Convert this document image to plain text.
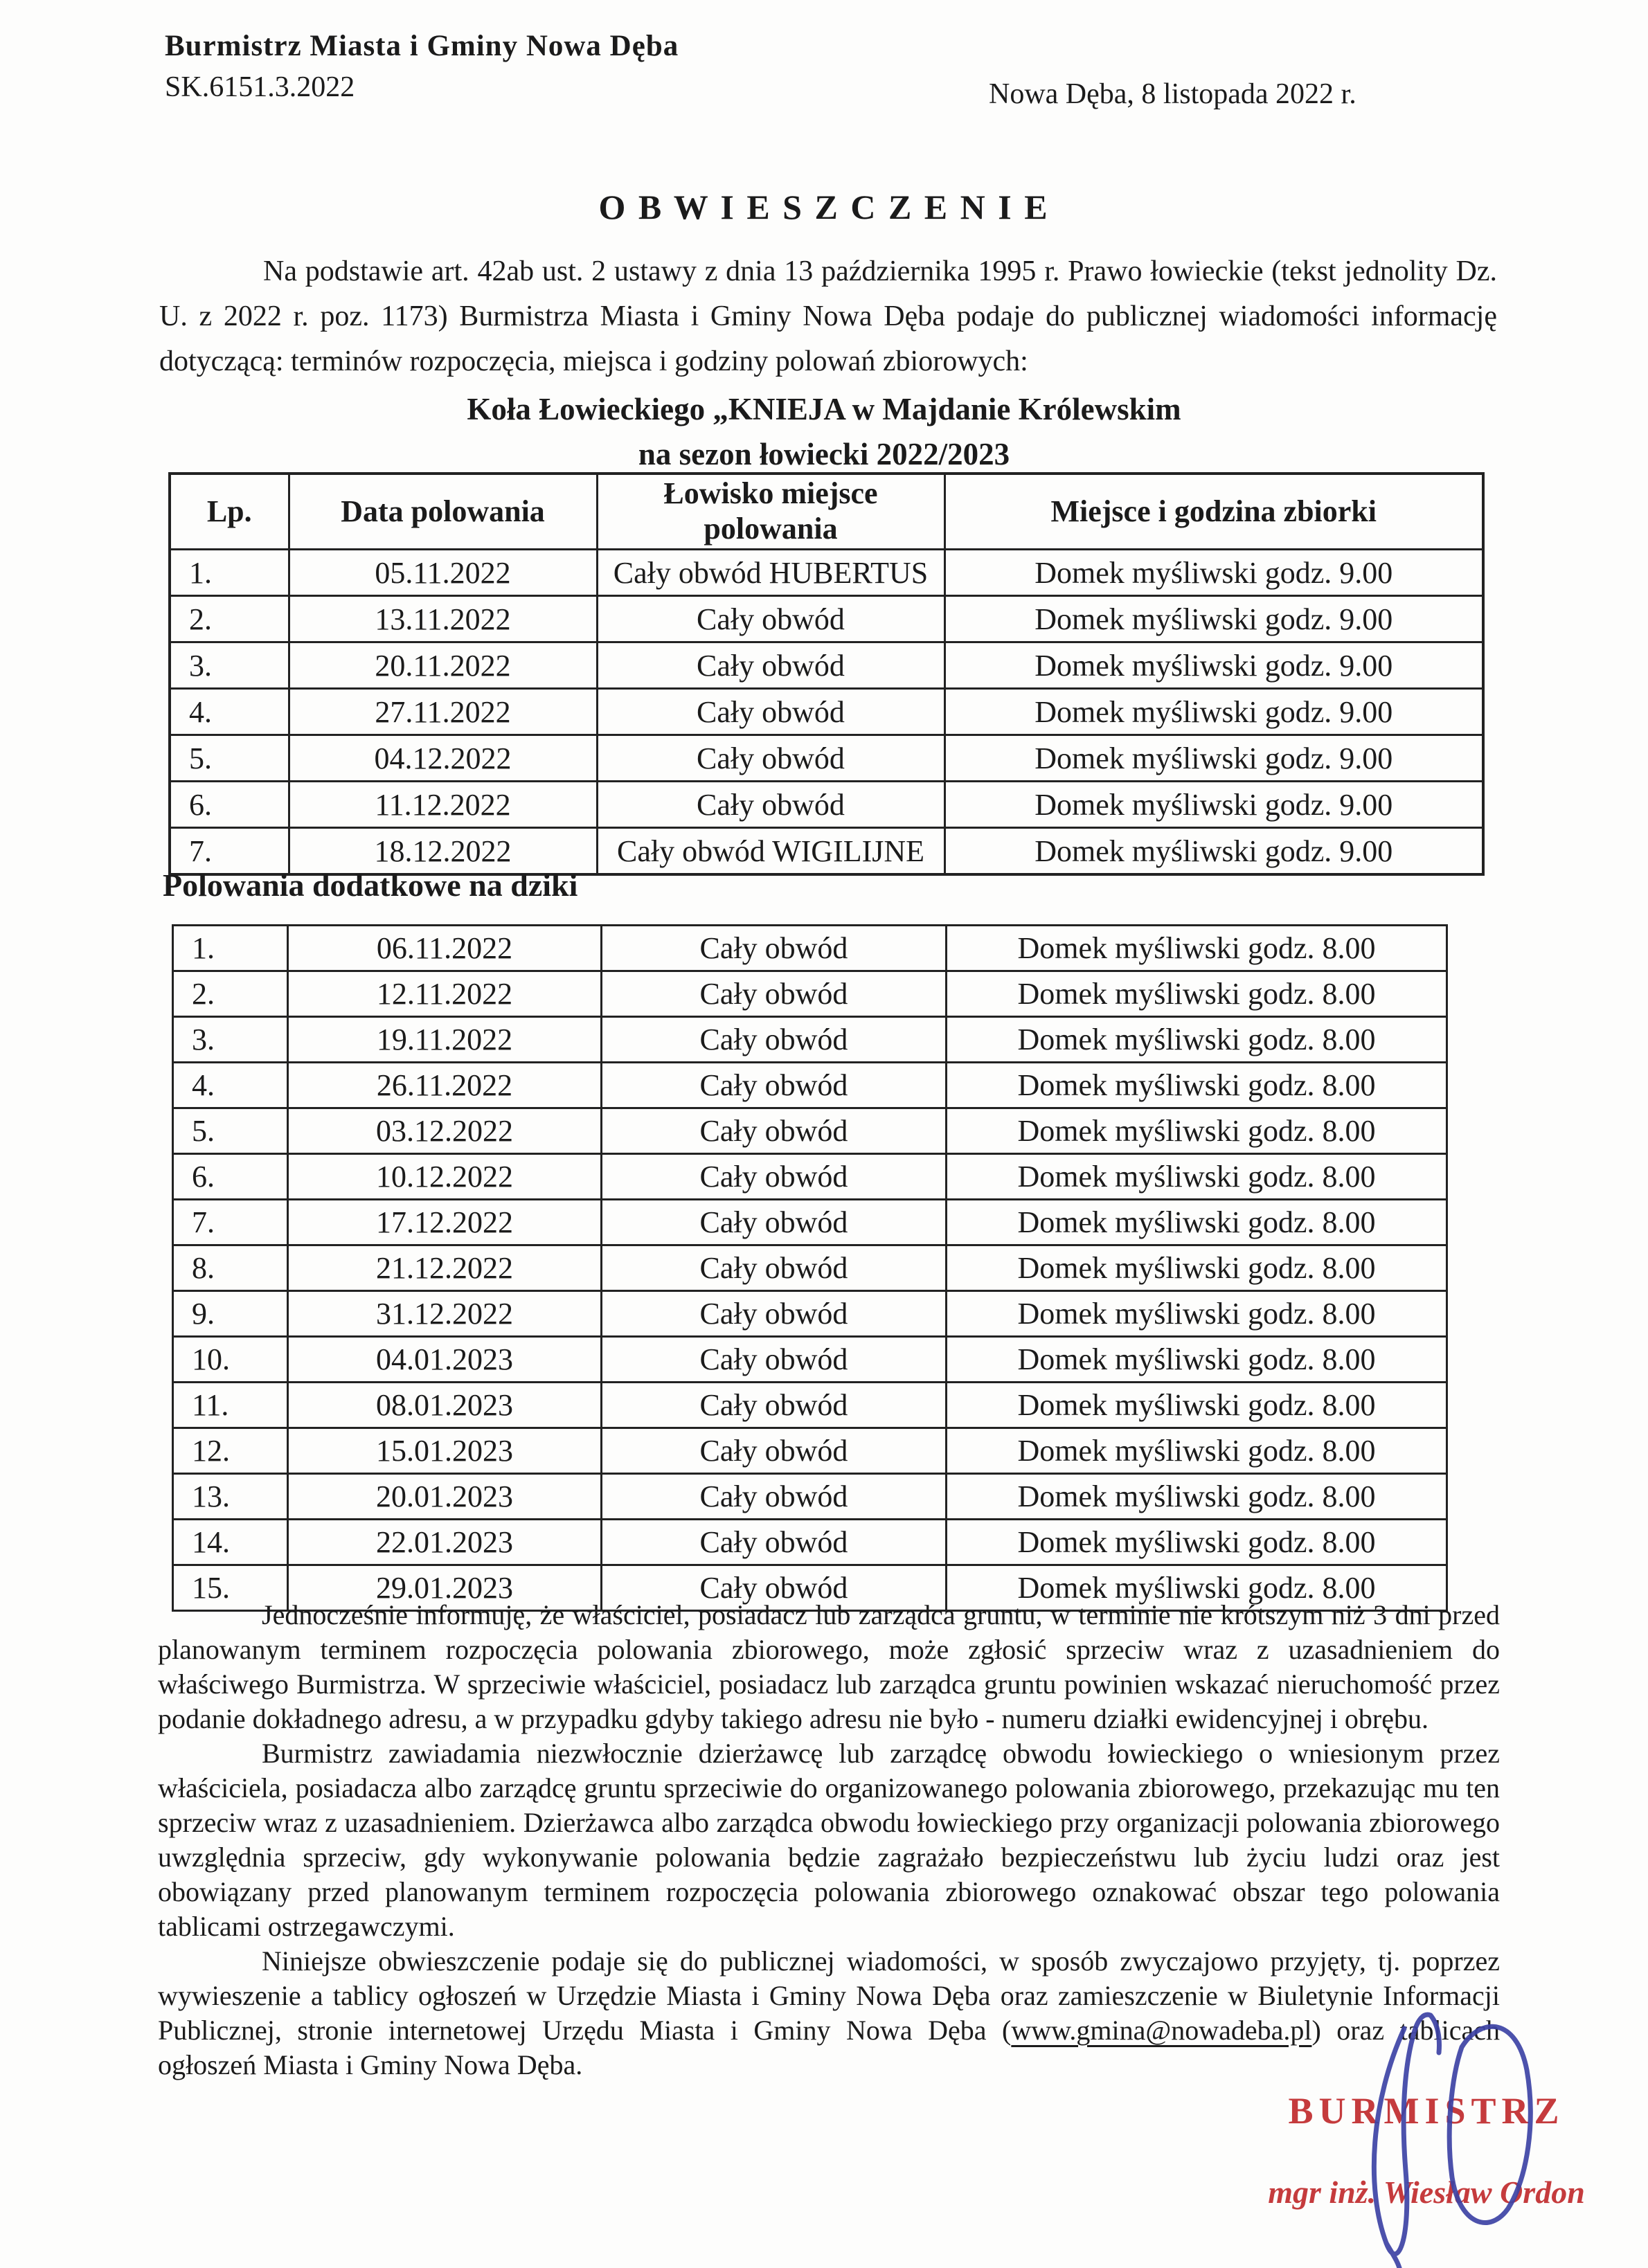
Burmistrz Miasta i Gminy Nowa Dęba
SK.6151.3.2022	Nowa Dęba, 8 listopada 2022 r.
O B W I E S Z C Z E N I E

Na podstawie art. 42ab ust. 2 ustawy z dnia 13 października 1995 r. Prawo łowieckie (tekst jednolity Dz. U. z 2022 r. poz. 1173) Burmistrza Miasta i Gminy Nowa Dęba podaje do publicznej wiadomości informację dotyczącą: terminów rozpoczęcia, miejsca i godziny polowań zbiorowych:

Koła Łowieckiego „KNIEJA w Majdanie Królewskim
na sezon łowiecki 2022/2023
Lp.	Data polowania	Łowisko miejsce polowania	Miejsce i godzina zbiorki
1.	05.11.2022	Cały obwód HUBERTUS	Domek myśliwski godz. 9.00
2.	13.11.2022	Cały obwód	Domek myśliwski godz. 9.00
3.	20.11.2022	Cały obwód	Domek myśliwski godz. 9.00
4.	27.11.2022	Cały obwód	Domek myśliwski godz. 9.00
5.	04.12.2022	Cały obwód	Domek myśliwski godz. 9.00
6.	11.12.2022	Cały obwód	Domek myśliwski godz. 9.00
7.	18.12.2022	Cały obwód WIGILIJNE	Domek myśliwski godz. 9.00
Polowania dodatkowe na dziki
1.	06.11.2022	Cały obwód	Domek myśliwski godz. 8.00
2.	12.11.2022	Cały obwód	Domek myśliwski godz. 8.00
3.	19.11.2022	Cały obwód	Domek myśliwski godz. 8.00
4.	26.11.2022	Cały obwód	Domek myśliwski godz. 8.00
5.	03.12.2022	Cały obwód	Domek myśliwski godz. 8.00
6.	10.12.2022	Cały obwód	Domek myśliwski godz. 8.00
7.	17.12.2022	Cały obwód	Domek myśliwski godz. 8.00
8.	21.12.2022	Cały obwód	Domek myśliwski godz. 8.00
9.	31.12.2022	Cały obwód	Domek myśliwski godz. 8.00
10.	04.01.2023	Cały obwód	Domek myśliwski godz. 8.00
11.	08.01.2023	Cały obwód	Domek myśliwski godz. 8.00
12.	15.01.2023	Cały obwód	Domek myśliwski godz. 8.00
13.	20.01.2023	Cały obwód	Domek myśliwski godz. 8.00
14.	22.01.2023	Cały obwód	Domek myśliwski godz. 8.00
15.	29.01.2023	Cały obwód	Domek myśliwski godz. 8.00

Jednocześnie informuję, że właściciel, posiadacz lub zarządca gruntu, w terminie nie krótszym niż 3 dni przed planowanym terminem rozpoczęcia polowania zbiorowego, może zgłosić sprzeciw wraz z uzasadnieniem do właściwego Burmistrza. W sprzeciwie właściciel, posiadacz lub zarządca gruntu powinien wskazać nieruchomość przez podanie dokładnego adresu, a w przypadku gdyby takiego adresu nie było - numeru działki ewidencyjnej i obrębu.

Burmistrz zawiadamia niezwłocznie dzierżawcę lub zarządcę obwodu łowieckiego o wniesionym przez właściciela, posiadacza albo zarządcę gruntu sprzeciwie do organizowanego polowania zbiorowego, przekazując mu ten sprzeciw wraz z uzasadnieniem. Dzierżawca albo zarządca obwodu łowieckiego przy organizacji polowania zbiorowego uwzględnia sprzeciw, gdy wykonywanie polowania będzie zagrażało bezpieczeństwu lub życiu ludzi oraz jest obowiązany przed planowanym terminem rozpoczęcia polowania zbiorowego oznakować obszar tego polowania tablicami ostrzegawczymi.

Niniejsze obwieszczenie podaje się do publicznej wiadomości, w sposób zwyczajowo przyjęty, tj. poprzez wywieszenie a tablicy ogłoszeń w Urzędzie Miasta i Gminy Nowa Dęba oraz zamieszczenie w Biuletynie Informacji Publicznej, stronie internetowej Urzędu Miasta i Gminy Nowa Dęba (www.gmina@nowadeba.pl) oraz tablicach ogłoszeń Miasta i Gminy Nowa Dęba.

BURMISTRZ
mgr inż. Wiesław Ordon
